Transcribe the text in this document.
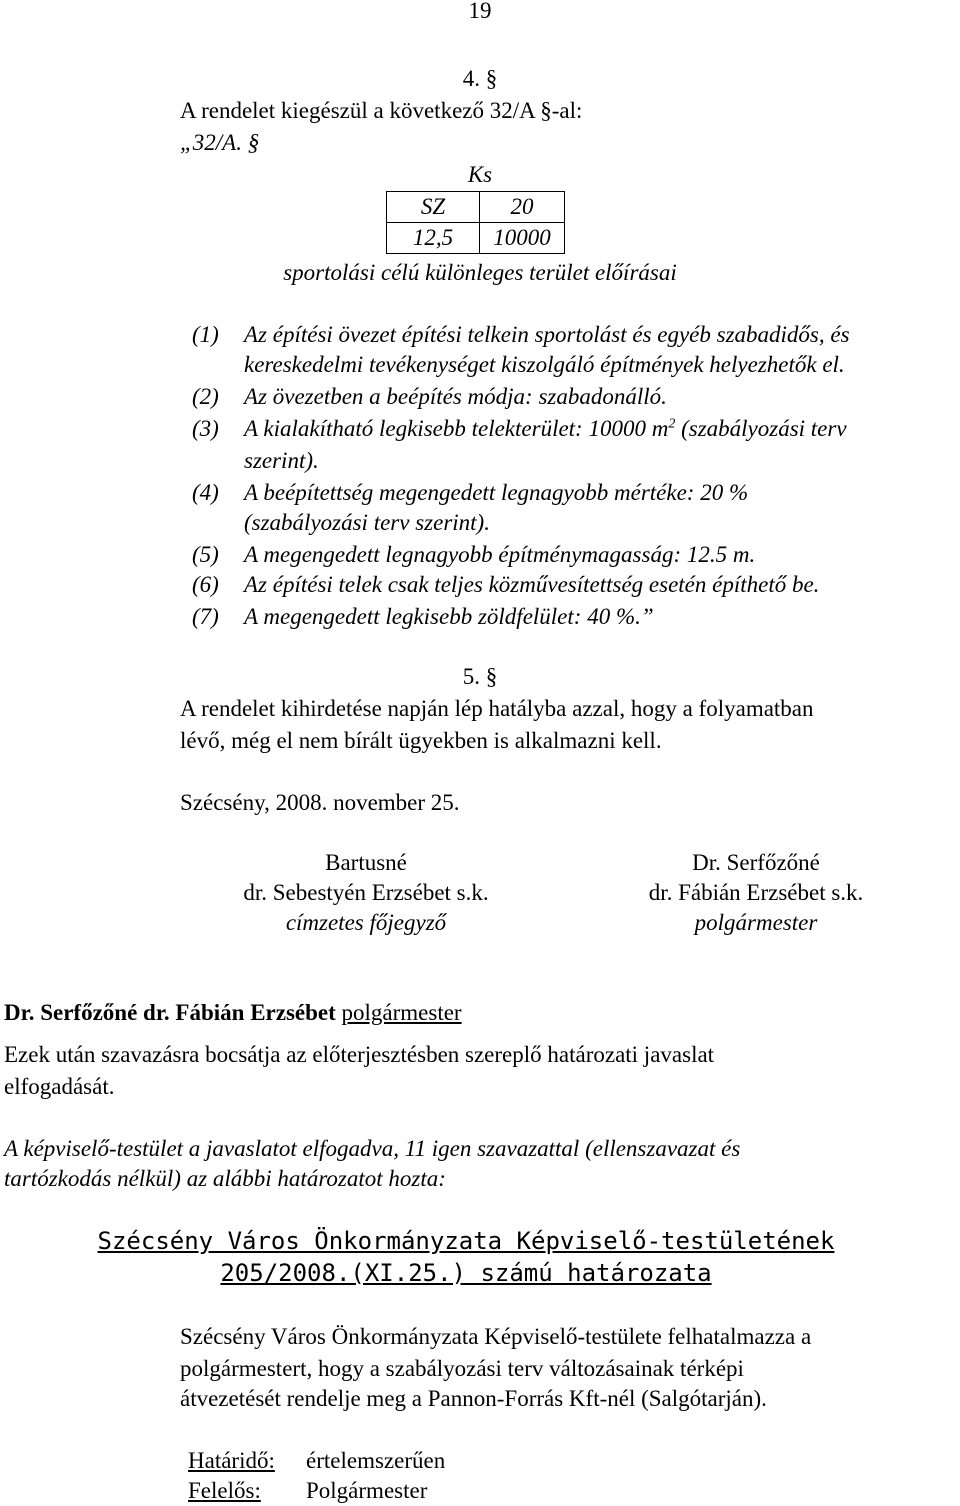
19
4. §
A rendelet kiegészül a következő 32/A §-al:
„32/A. §
Ks
SZ	20
12,5	10000
sportolási célú különleges terület előírásai
(1) Az építési övezet építési telkein sportolást és egyéb szabadidős, és
kereskedelmi tevékenységet kiszolgáló építmények helyezhetők el.
(2) Az övezetben a beépítés módja: szabadonálló.
(3) A kialakítható legkisebb telekterület: 10000 $m^2$ (szabályozási terv
szerint).
(4) A beépítettség megengedett legnagyobb mértéke: 20 %
(szabályozási terv szerint).
(5) A megengedett legnagyobb építménymagasság: 12.5 m.
(6) Az építési telek csak teljes közművesítettség esetén építhető be.
(7) A megengedett legkisebb zöldfelület: 40 %.”
5. §
A rendelet kihirdetése napján lép hatályba azzal, hogy a folyamatban
lévő, még el nem bírált ügyekben is alkalmazni kell.
Szécsény, 2008. november 25.
Bartusné
dr. Sebestyén Erzsébet s.k.
címzetes főjegyző
Dr. Serfőzőné
dr. Fábián Erzsébet s.k.
polgármester
Dr. Serfőzőné dr. Fábián Erzsébet polgármester
Ezek után szavazásra bocsátja az előterjesztésben szereplő határozati javaslat
elfogadását.
A képviselő-testület a javaslatot elfogadva, 11 igen szavazattal (ellenszavazat és
tartózkodás nélkül) az alábbi határozatot hozta:
Szécsény Város Önkormányzata Képviselő-testületének
205/2008.(XI.25.) számú határozata
Szécsény Város Önkormányzata Képviselő-testülete felhatalmazza a
polgármestert, hogy a szabályozási terv változásainak térképi
átvezetését rendelje meg a Pannon-Forrás Kft-nél (Salgótarján).
Határidő: értelemszerűen
Felelős: Polgármester
